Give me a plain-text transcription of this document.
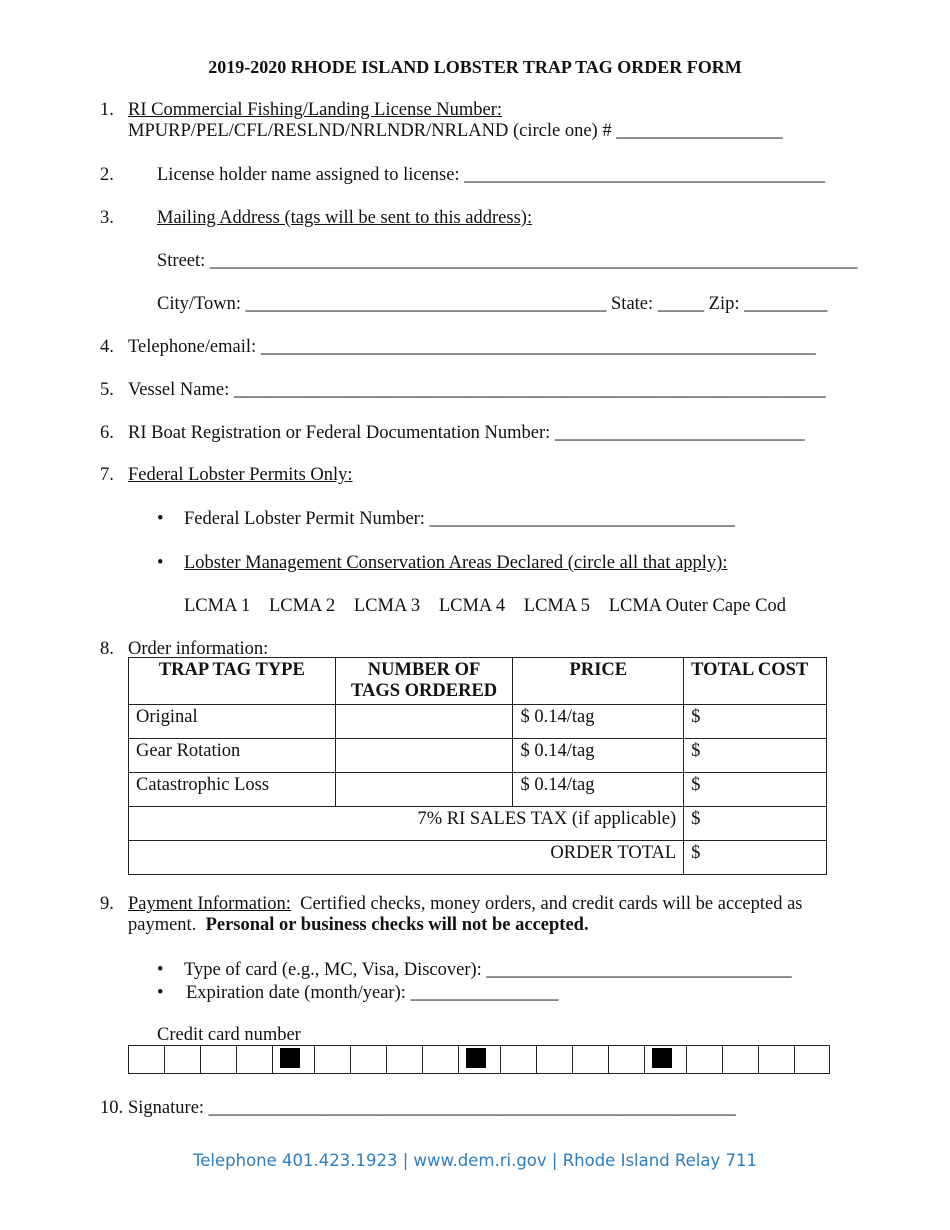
2019-2020 RHODE ISLAND LOBSTER TRAP TAG ORDER FORM
1. RI Commercial Fishing/Landing License Number:
MPURP/PEL/CFL/RESLND/NRLNDR/NRLAND (circle one) # __________________
2. License holder name assigned to license: _______________________________________
3. Mailing Address (tags will be sent to this address):
Street: ______________________________________________________________________
City/Town: _______________________________________ State: _____ Zip: _________
4. Telephone/email: ____________________________________________________________
5. Vessel Name: ________________________________________________________________
6. RI Boat Registration or Federal Documentation Number: ___________________________
7. Federal Lobster Permits Only:
• Federal Lobster Permit Number: _________________________________
• Lobster Management Conservation Areas Declared (circle all that apply):
LCMA 1 LCMA 2 LCMA 3 LCMA 4 LCMA 5 LCMA Outer Cape Cod
8. Order information:
TRAP TAG TYPE	NUMBER OF TAGS ORDERED	PRICE	TOTAL COST
Original		$ 0.14/tag	$
Gear Rotation		$ 0.14/tag	$
Catastrophic Loss		$ 0.14/tag	$
7% RI SALES TAX (if applicable)			$
ORDER TOTAL			$
9. Payment Information: Certified checks, money orders, and credit cards will be accepted as
payment. Personal or business checks will not be accepted.
• Type of card (e.g., MC, Visa, Discover): _________________________________
• Expiration date (month/year): ________________
Credit card number
10. Signature: _________________________________________________________
Telephone 401.423.1923 | www.dem.ri.gov | Rhode Island Relay 711
